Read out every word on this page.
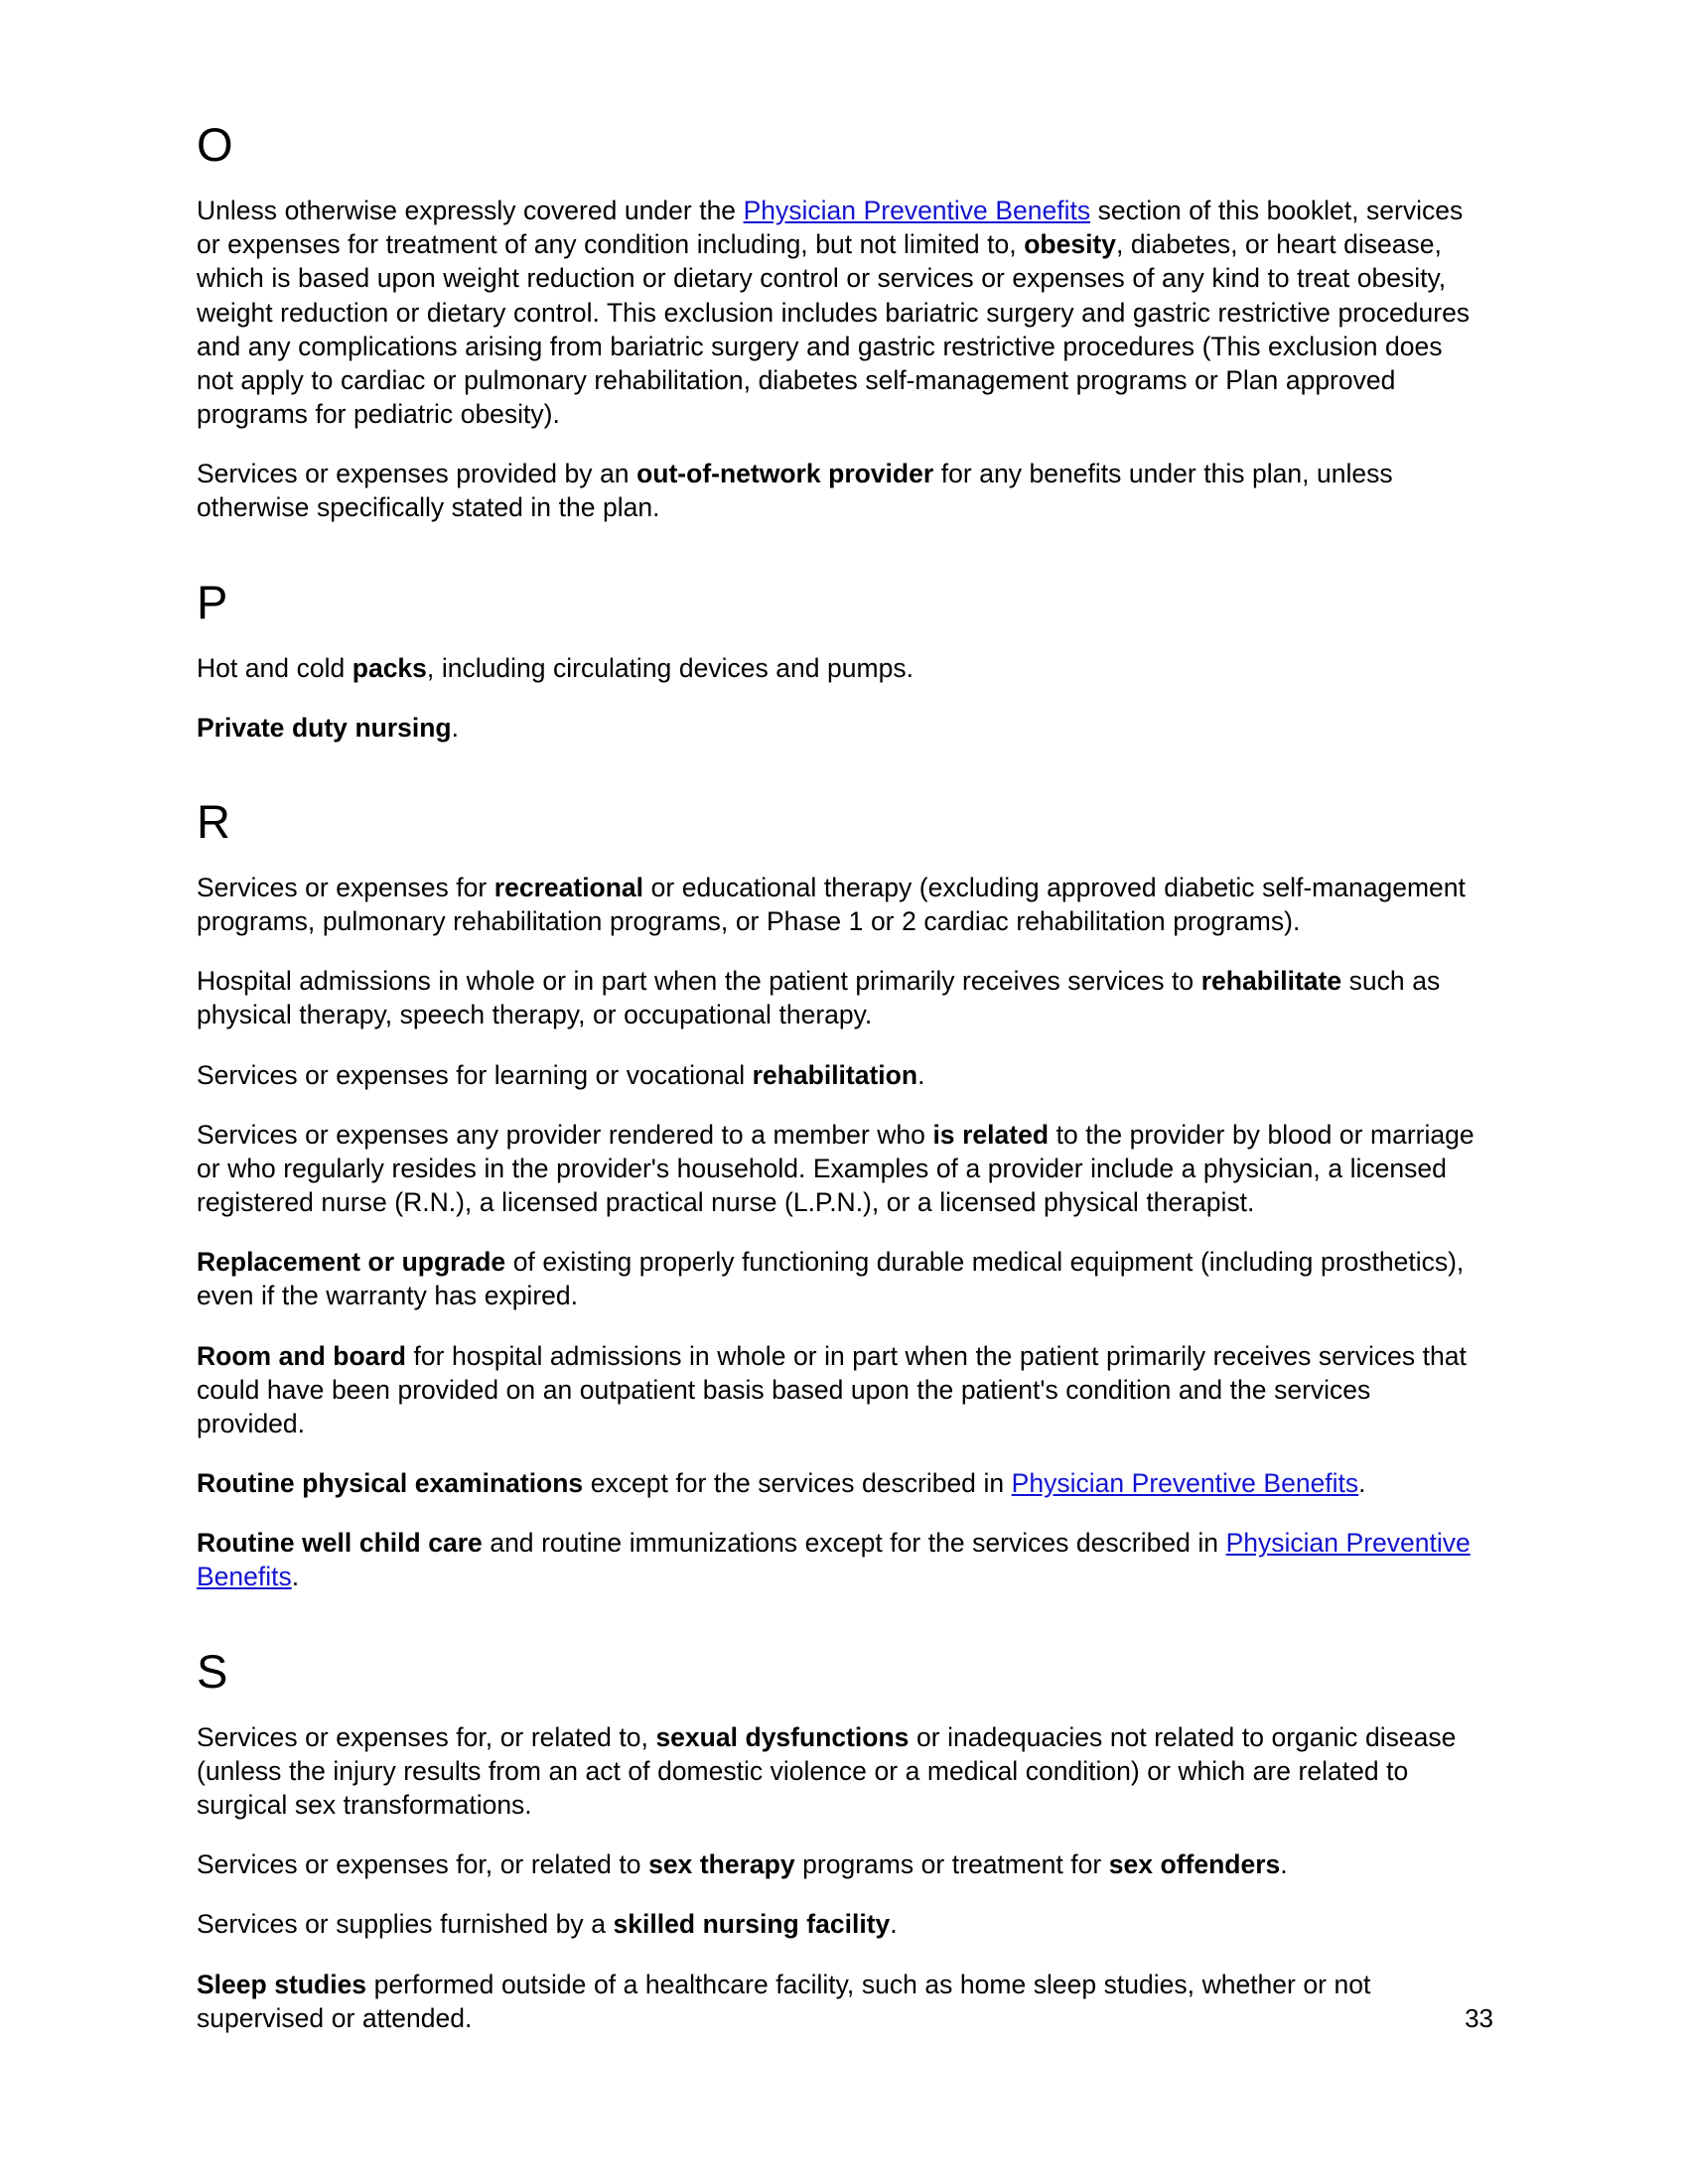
O

Unless otherwise expressly covered under the Physician Preventive Benefits section of this booklet, services or expenses for treatment of any condition including, but not limited to, obesity, diabetes, or heart disease, which is based upon weight reduction or dietary control or services or expenses of any kind to treat obesity, weight reduction or dietary control. This exclusion includes bariatric surgery and gastric restrictive procedures and any complications arising from bariatric surgery and gastric restrictive procedures (This exclusion does not apply to cardiac or pulmonary rehabilitation, diabetes self-management programs or Plan approved programs for pediatric obesity).

Services or expenses provided by an out-of-network provider for any benefits under this plan, unless otherwise specifically stated in the plan.

P

Hot and cold packs, including circulating devices and pumps.

Private duty nursing.

R

Services or expenses for recreational or educational therapy (excluding approved diabetic self-management programs, pulmonary rehabilitation programs, or Phase 1 or 2 cardiac rehabilitation programs).

Hospital admissions in whole or in part when the patient primarily receives services to rehabilitate such as physical therapy, speech therapy, or occupational therapy.

Services or expenses for learning or vocational rehabilitation.

Services or expenses any provider rendered to a member who is related to the provider by blood or marriage or who regularly resides in the provider's household. Examples of a provider include a physician, a licensed registered nurse (R.N.), a licensed practical nurse (L.P.N.), or a licensed physical therapist.

Replacement or upgrade of existing properly functioning durable medical equipment (including prosthetics), even if the warranty has expired.

Room and board for hospital admissions in whole or in part when the patient primarily receives services that could have been provided on an outpatient basis based upon the patient's condition and the services provided.

Routine physical examinations except for the services described in Physician Preventive Benefits.

Routine well child care and routine immunizations except for the services described in Physician Preventive Benefits.

S

Services or expenses for, or related to, sexual dysfunctions or inadequacies not related to organic disease (unless the injury results from an act of domestic violence or a medical condition) or which are related to surgical sex transformations.

Services or expenses for, or related to sex therapy programs or treatment for sex offenders.

Services or supplies furnished by a skilled nursing facility.

Sleep studies performed outside of a healthcare facility, such as home sleep studies, whether or not supervised or attended.	33
